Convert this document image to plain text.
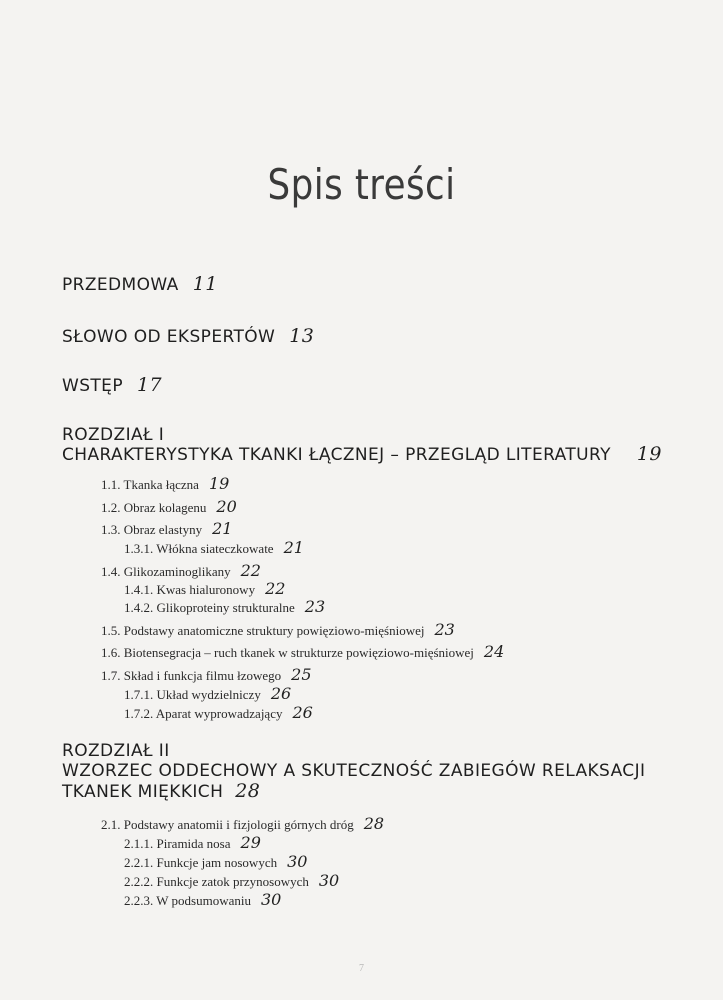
Spis treści
PRZEDMOWA 11
SŁOWO OD EKSPERTÓW 13
WSTĘP 17
ROZDZIAŁ I
CHARAKTERYSTYKA TKANKI ŁĄCZNEJ – PRZEGLĄD LITERATURY 19
1.1. Tkanka łączna 19
1.2. Obraz kolagenu 20
1.3. Obraz elastyny 21
1.3.1. Włókna siateczkowate 21
1.4. Glikozaminoglikany 22
1.4.1. Kwas hialuronowy 22
1.4.2. Glikoproteiny strukturalne 23
1.5. Podstawy anatomiczne struktury powięziowo-mięśniowej 23
1.6. Biotensegracja – ruch tkanek w strukturze powięziowo-mięśniowej 24
1.7. Skład i funkcja filmu łzowego 25
1.7.1. Układ wydzielniczy 26
1.7.2. Aparat wyprowadzający 26
ROZDZIAŁ II
WZORZEC ODDECHOWY A SKUTECZNOŚĆ ZABIEGÓW RELAKSACJI
TKANEK MIĘKKICH 28
2.1. Podstawy anatomii i fizjologii górnych dróg 28
2.1.1. Piramida nosa 29
2.2.1. Funkcje jam nosowych 30
2.2.2. Funkcje zatok przynosowych 30
2.2.3. W podsumowaniu 30
7
